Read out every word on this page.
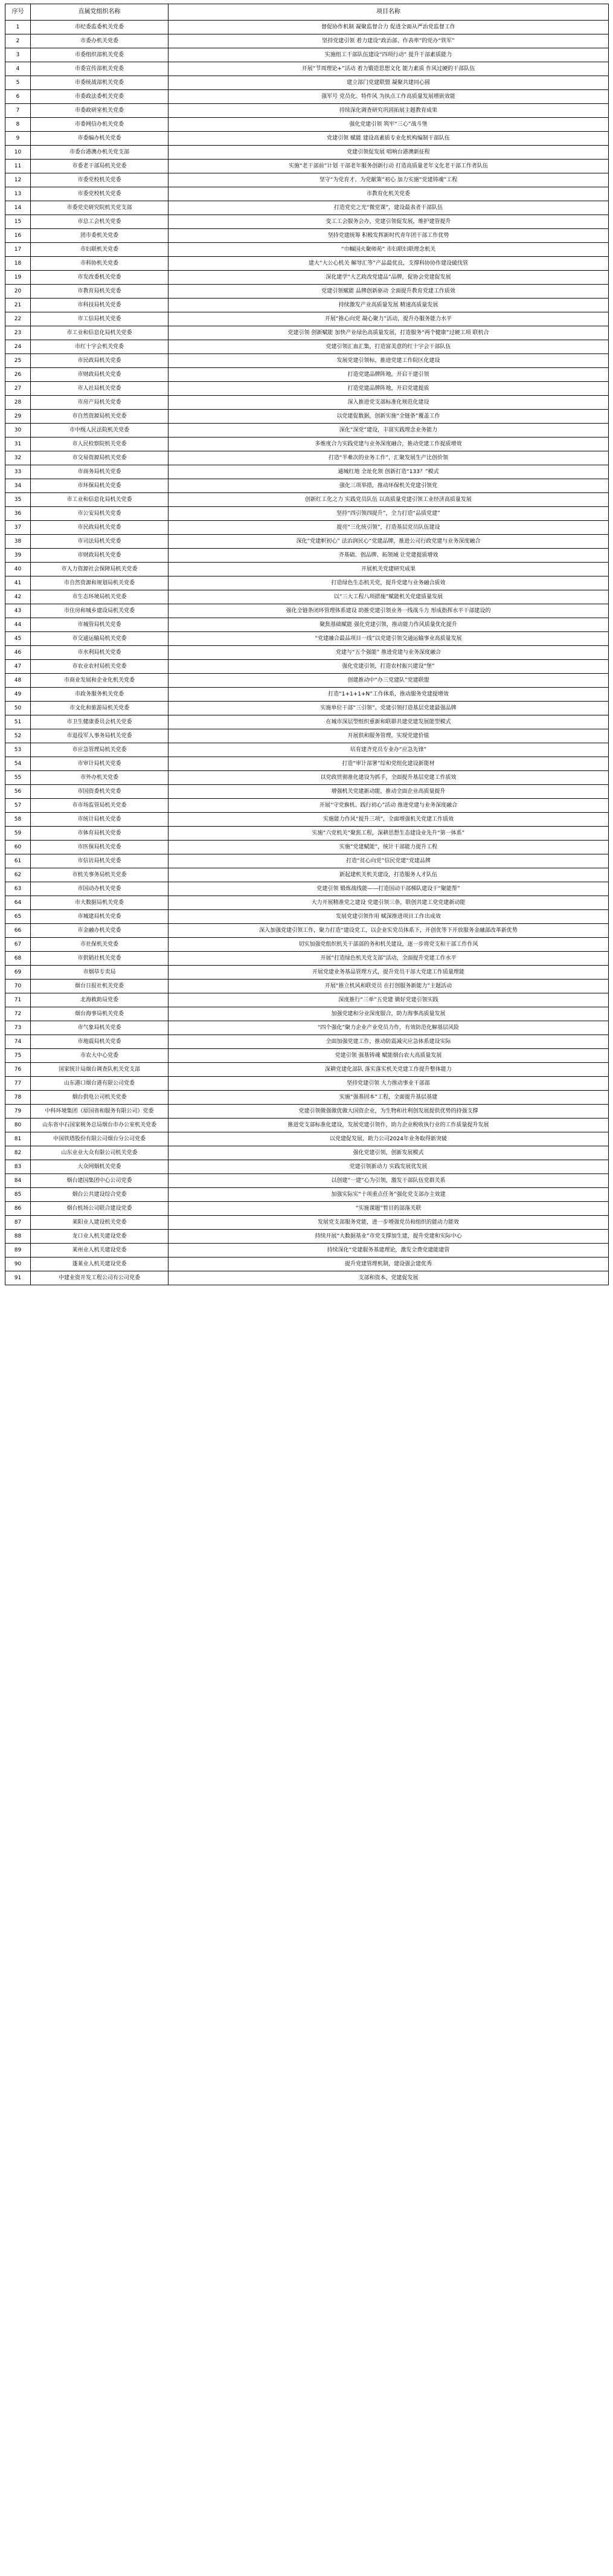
序号	直属党组织名称	项目名称
1	市纪委监委机关党委	督促协作机制 凝聚监督合力 促进全面从严治党监督工作
2	市委办机关党委	坚持党建引领 着力建设“政治部、作表率”的党办“铁军”
3	市委组织部机关党委	实施组工干部队伍建设“四项行动” 提升干部素质能力
4	市委宣传部机关党委	开展“节周理论+”活动 着力锻造思想文化 能力素质 作风过硬的干部队伍
5	市委统战部机关党委	建立部门党建联盟 凝聚共建同心圆
6	市委政法委机关党委	强军号 党员化、特件风 为执点工作高质量发展增嵌效能
7	市委政研室机关党委	持续深化调查研究巩固拓展主题教育成果
8	市委网信办机关党委	强化党建引领 筑牢“三心”战斗堡
9	市委编办机关党委	党建引领 赋能 建设高素质专业化机构编制干部队伍
10	市委台港澳办机关党支部	党建引领促发展 唱响台港澳新征程
11	市委老干部局机关党委	实施“老干部前”计划 干部老年服务创新行动 打造高质量老年文化老干部工作者队伍
12	市委党校机关党委	坚守“为党育才、为党献策”初心 加力实施“党建铸魂”工程
13	市委党校机关党委	市教育化机关党委
14	市委党史研究院机关党支部	打造党史之光“微党课”，建设最表者干部队伍
15	市总工会机关党委	变工工会服务会办，党建引领促发展，维护建管提升
16	团市委机关党委	坚持党建统筹 积极发挥新时代青年团干部工作优势
17	市妇联机关党委	“巾帼国火聚师苑” 市妇联妇联理念机关
18	市科协机关党委	建大“大公心机关 解导汇等”产品最优良，支撑科协协作建设破伐管
19	市发改委机关党委	深化建学“大艺政改党建品”品牌，促协会党建促发展
20	市教育局机关党委	党建引领赋能 品牌创新驱动 全面提升教育党建工作质效
21	市科技局机关党委	持续激发产业高质量发展 精速高质量发展
22	市工信局机关党委	开展“推心向党 凝心聚力”活动，提升办服务能力水平
23	市工业和信息化局机关党委	党建引领 创新赋能 加快产业绿色高质量发展，打造服务“两个健康”过硬工项 联机合
24	市红十字会机关党委	党建引领汇血汇集，打造富美意的红十字会干部队伍
25	市民政局机关党委	发展党建引领标，推进党建工作院区化建设
26	市财政局机关党委	打造党建品牌阵地，开启干建引领
27	市人社局机关党委	打造党建品牌阵地，开启党建提质
28	市房产局机关党委	深入推进党支部标准化规范化建设
29	市自然资源局机关党委	以党建促数据，创新实施“全链条”覆盖工作
30	市中级人民法院机关党委	深化“深党”建设，丰富实践理念业务能力
31	市人民检察院机关党委	多维度合力实践党建与业务深度融合，推动党建工作提质增效
32	市交易资源局机关党委	打造“半难次的业务工作”，汇聚发展生产比创价领
33	市商务局机关党委	通城红地 全址化领 创新打造“133？”模式
34	市环保局机关党委	强化三项举措，推动环保机关党建引领党
35	市工业和信息化局机关党委	创新红工化之力 实践党员队伍 以高质量党建引领工业经济高质量发展
36	市公安局机关党委	坚持“四引领四提升”，全力打造“品质党建”
37	市民政局机关党委	提亮“三化统引领”，打造基层党员队伍建设
38	市司法局机关党委	深化“党建帜初心” 法治润民心“党建品牌，推进公司行政党建与业务深度融合
39	市财政局机关党委	齐基础、创品牌、拓领域 让党建提质增效
40	市人力资源社会保障局机关党委	开展机关党建研究成果
41	市自然资源和规划局机关党委	打造绿色生态机关党，提升党建与业务融合质效
42	市生态环境局机关党委	以“三大工程八项措施”赋能机关党建质量发展
43	市住房和城乡建设局机关党委	强化全链条闭环管理体系建设 助推党建引领业务一线战斗力 形成指挥水平干部建设的
44	市城管局机关党委	聚焦基础赋能 强化党建引领，推动能力作风质量优化提升
45	市交通运输局机关党委	“党建融合最品项目一线”以党建引领交通运输事业高质量发展
46	市水利局机关党委	党建与“五个强能” 推进党建与业务深度融合
47	市农业农村局机关党委	强化党建引领，打造农村振兴建设“堡”
48	市商业发展和企业化机关党委	创建推动中“办三党建队”党建联盟
49	市政务服务机关党委	打造“1+1+1+N”工作体系，推动服务党建提增效
50	市文化和旅游局机关党委	实施单位干部“三引领”。党建引领打造基层党建最强品牌
51	市卫生健康委员会机关党委	在城市深层型组织重新和联群共建党建发展能型模式
52	市退役军人事务局机关党委	开展供和服务管理，实现党建价值
53	市应急管理局机关党委	培育建齐党员专业办“应急先锋”
54	市审计局机关党委	打造“审计部署”综和党组化建设新能材
55	市外办机关党委	以党政贯彻准化建设为抓手，全面提升基层党建工作质效
56	市国资委机关党委	增强机关党建新动能，推动全面企业高质量提升
57	市市场监管局机关党委	开展“守党旗机、践行初心”活动 推进党建与业务深度融合
58	市统计局机关党委	实施能力作风“提升三项”，全面增强机关党建工作质效
59	市体育局机关党委	实施“六党机关”聚焦工程，深耕思想生态建设业先升“第一体系”
60	市医保局机关党委	实施“党建赋能”，统计干部能力提升工程
61	市信访局机关党委	打造“贫心向党”信民党建“党建品牌
62	市机关事务局机关党委	新起建机关机关建设，打造服务人才队伍
63	市国动办机关党委	党建引领 锻炼战线能——打造国动干部梯队建设干“聚能帮”
64	市大数据局机关党委	大力开展精准党之建设 党建引领三条，联创共建工党党建新动能
65	市城建局机关党委	发展党建引领作用 赋深推进项目工作出成效
66	市金融办机关党委	深入加强党建引领工作，聚力打造“建设党工，以企业实党员体系下，开创优等下开放服务金融部改革新优势
67	市社保机关党委	切实加强党组织机关干部部的务和机关建设，逐一步将党支和干部工作作风
68	市供销社机关党委	开展“打造绿色机关党支部”活动，全面提升党建工作水平
69	市烟草专卖局	开展党建业务基品管理方式，提升党员干部大党建工作质量理能
70	烟台日报社机关党委	开展“推立机风和联党员 在打创服务新能力”主题活动
71	北海救助局党委	深度推行“三单”五党建 做好党建引领实践
72	烟台海事局机关党委	加强党建和分业深度服合，助力海事高质量发展
73	市气象局机关党委	“四个强化”聚力企业产业党员力作，有效防范化解基层风险
74	市地震局机关党委	全面加强党建工作，推动防震减灾应急体系建设实际
75	市农大中心党委	党建引领 强基铸魂 赋能烟台农大高质量发展
76	国家统计局烟台调查队机关党支部	深耕党建化部队 落实落实机关党建工作提升整体能力
77	山东港口烟台港有限公司党委	坚持党建引领 大力推动事业干部部
78	烟台供电公司机关党委	实施“强基固本”工程，全面提升基层基建
79	中科环境集团（原国省和服务有限公司）党委	党建引领做强做优做大国资企业，为生物和社利创发展提供优势的持强支撑
80	山东省中石国家税务总局烟台市办公室机关党委	推进党支部标准化建设，发展党建引领作，助力企业税收执行业的工作质量提升发展
81	中国铁塔股份有限公司烟台分公司党委	以党建促发展，助力公司2024年业务取得新突破
82	山东业业大众有限公司机关党委	强化党建引领，创新发展模式
83	大众网烟机关党委	党建引领新动力 实践发展优发展
84	烟台建国集团中心公司党委	以创建“一建”心为引领，激发干部队伍党群关系
85	烟台公共建设综合党委	加强实际实“十项重点任务”强化党支部办主效建
86	烟台机场公司联合建设党委	“实施课题”暂目的部落关联
87	莱阳业人建设机关党委	发展党支部服务党能，进一步增强党员和组织的能动力能效
88	龙口业人机关建设党委	持续开展“大数据基业”市党支撑加生建，提升党建和实际中心
89	莱州业人机关建设党委	持续深化“党建服务基建理论，激发全费党建能建管
90	蓬莱业人机关建设党委	提升党建管理机制，建设强会建优秀
91	中建业资开发工程公司有公司党委	支部和资本，党建促发展
